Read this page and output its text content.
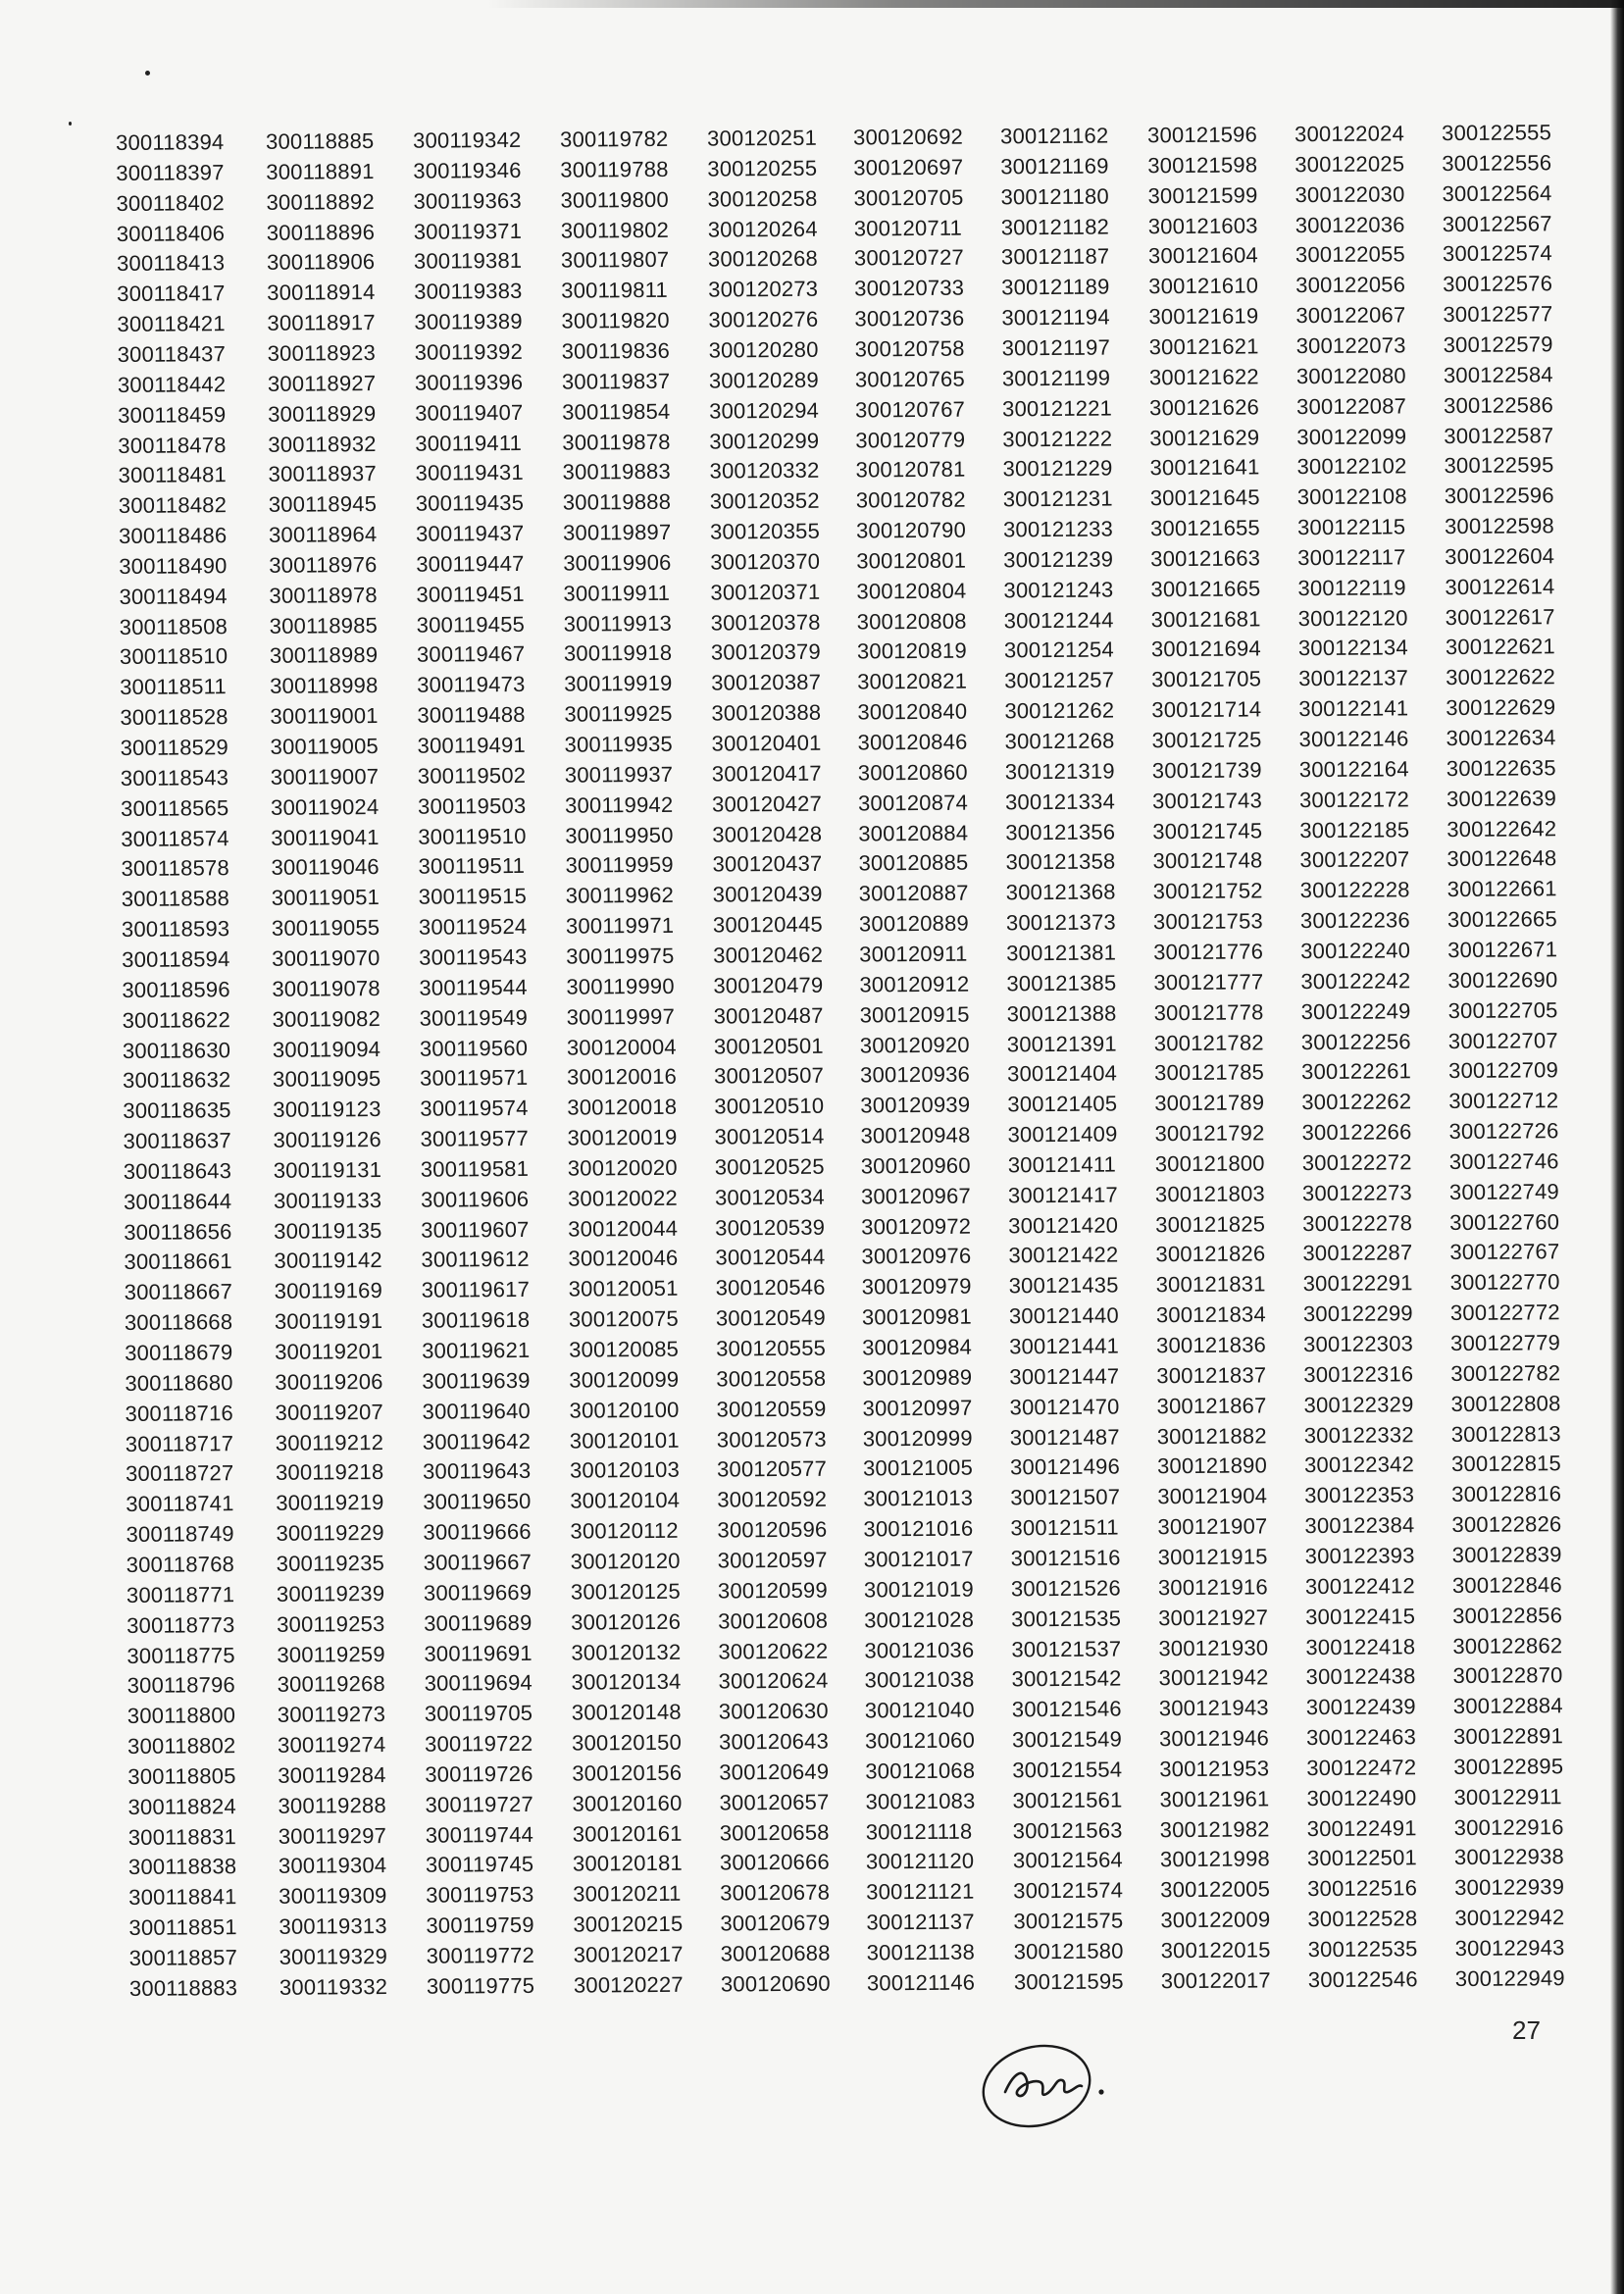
300118394
300118397
300118402
300118406
300118413
300118417
300118421
300118437
300118442
300118459
300118478
300118481
300118482
300118486
300118490
300118494
300118508
300118510
300118511
300118528
300118529
300118543
300118565
300118574
300118578
300118588
300118593
300118594
300118596
300118622
300118630
300118632
300118635
300118637
300118643
300118644
300118656
300118661
300118667
300118668
300118679
300118680
300118716
300118717
300118727
300118741
300118749
300118768
300118771
300118773
300118775
300118796
300118800
300118802
300118805
300118824
300118831
300118838
300118841
300118851
300118857
300118883
300118885
300118891
300118892
300118896
300118906
300118914
300118917
300118923
300118927
300118929
300118932
300118937
300118945
300118964
300118976
300118978
300118985
300118989
300118998
300119001
300119005
300119007
300119024
300119041
300119046
300119051
300119055
300119070
300119078
300119082
300119094
300119095
300119123
300119126
300119131
300119133
300119135
300119142
300119169
300119191
300119201
300119206
300119207
300119212
300119218
300119219
300119229
300119235
300119239
300119253
300119259
300119268
300119273
300119274
300119284
300119288
300119297
300119304
300119309
300119313
300119329
300119332
300119342
300119346
300119363
300119371
300119381
300119383
300119389
300119392
300119396
300119407
300119411
300119431
300119435
300119437
300119447
300119451
300119455
300119467
300119473
300119488
300119491
300119502
300119503
300119510
300119511
300119515
300119524
300119543
300119544
300119549
300119560
300119571
300119574
300119577
300119581
300119606
300119607
300119612
300119617
300119618
300119621
300119639
300119640
300119642
300119643
300119650
300119666
300119667
300119669
300119689
300119691
300119694
300119705
300119722
300119726
300119727
300119744
300119745
300119753
300119759
300119772
300119775
300119782
300119788
300119800
300119802
300119807
300119811
300119820
300119836
300119837
300119854
300119878
300119883
300119888
300119897
300119906
300119911
300119913
300119918
300119919
300119925
300119935
300119937
300119942
300119950
300119959
300119962
300119971
300119975
300119990
300119997
300120004
300120016
300120018
300120019
300120020
300120022
300120044
300120046
300120051
300120075
300120085
300120099
300120100
300120101
300120103
300120104
300120112
300120120
300120125
300120126
300120132
300120134
300120148
300120150
300120156
300120160
300120161
300120181
300120211
300120215
300120217
300120227
300120251
300120255
300120258
300120264
300120268
300120273
300120276
300120280
300120289
300120294
300120299
300120332
300120352
300120355
300120370
300120371
300120378
300120379
300120387
300120388
300120401
300120417
300120427
300120428
300120437
300120439
300120445
300120462
300120479
300120487
300120501
300120507
300120510
300120514
300120525
300120534
300120539
300120544
300120546
300120549
300120555
300120558
300120559
300120573
300120577
300120592
300120596
300120597
300120599
300120608
300120622
300120624
300120630
300120643
300120649
300120657
300120658
300120666
300120678
300120679
300120688
300120690
300120692
300120697
300120705
300120711
300120727
300120733
300120736
300120758
300120765
300120767
300120779
300120781
300120782
300120790
300120801
300120804
300120808
300120819
300120821
300120840
300120846
300120860
300120874
300120884
300120885
300120887
300120889
300120911
300120912
300120915
300120920
300120936
300120939
300120948
300120960
300120967
300120972
300120976
300120979
300120981
300120984
300120989
300120997
300120999
300121005
300121013
300121016
300121017
300121019
300121028
300121036
300121038
300121040
300121060
300121068
300121083
300121118
300121120
300121121
300121137
300121138
300121146
300121162
300121169
300121180
300121182
300121187
300121189
300121194
300121197
300121199
300121221
300121222
300121229
300121231
300121233
300121239
300121243
300121244
300121254
300121257
300121262
300121268
300121319
300121334
300121356
300121358
300121368
300121373
300121381
300121385
300121388
300121391
300121404
300121405
300121409
300121411
300121417
300121420
300121422
300121435
300121440
300121441
300121447
300121470
300121487
300121496
300121507
300121511
300121516
300121526
300121535
300121537
300121542
300121546
300121549
300121554
300121561
300121563
300121564
300121574
300121575
300121580
300121595
300121596
300121598
300121599
300121603
300121604
300121610
300121619
300121621
300121622
300121626
300121629
300121641
300121645
300121655
300121663
300121665
300121681
300121694
300121705
300121714
300121725
300121739
300121743
300121745
300121748
300121752
300121753
300121776
300121777
300121778
300121782
300121785
300121789
300121792
300121800
300121803
300121825
300121826
300121831
300121834
300121836
300121837
300121867
300121882
300121890
300121904
300121907
300121915
300121916
300121927
300121930
300121942
300121943
300121946
300121953
300121961
300121982
300121998
300122005
300122009
300122015
300122017
300122024
300122025
300122030
300122036
300122055
300122056
300122067
300122073
300122080
300122087
300122099
300122102
300122108
300122115
300122117
300122119
300122120
300122134
300122137
300122141
300122146
300122164
300122172
300122185
300122207
300122228
300122236
300122240
300122242
300122249
300122256
300122261
300122262
300122266
300122272
300122273
300122278
300122287
300122291
300122299
300122303
300122316
300122329
300122332
300122342
300122353
300122384
300122393
300122412
300122415
300122418
300122438
300122439
300122463
300122472
300122490
300122491
300122501
300122516
300122528
300122535
300122546
300122555
300122556
300122564
300122567
300122574
300122576
300122577
300122579
300122584
300122586
300122587
300122595
300122596
300122598
300122604
300122614
300122617
300122621
300122622
300122629
300122634
300122635
300122639
300122642
300122648
300122661
300122665
300122671
300122690
300122705
300122707
300122709
300122712
300122726
300122746
300122749
300122760
300122767
300122770
300122772
300122779
300122782
300122808
300122813
300122815
300122816
300122826
300122839
300122846
300122856
300122862
300122870
300122884
300122891
300122895
300122911
300122916
300122938
300122939
300122942
300122943
300122949
27
